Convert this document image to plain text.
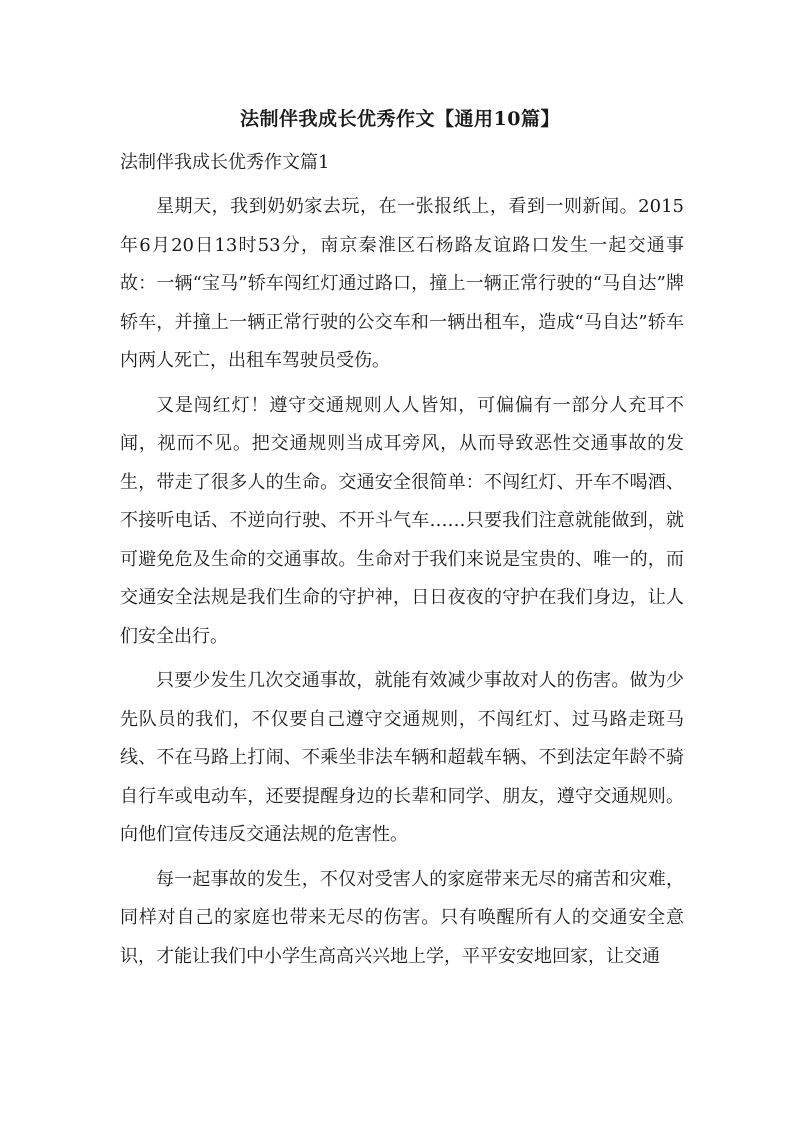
法制伴我成长优秀作文【通用10篇】

法制伴我成长优秀作文篇1

星期天，我到奶奶家去玩，在一张报纸上，看到一则新闻。2015年6月20日13时53分，南京秦淮区石杨路友谊路口发生一起交通事故：一辆“宝马”轿车闯红灯通过路口，撞上一辆正常行驶的“马自达”牌轿车，并撞上一辆正常行驶的公交车和一辆出租车，造成“马自达”轿车内两人死亡，出租车驾驶员受伤。

又是闯红灯！遵守交通规则人人皆知，可偏偏有一部分人充耳不闻，视而不见。把交通规则当成耳旁风，从而导致恶性交通事故的发生，带走了很多人的生命。交通安全很简单：不闯红灯、开车不喝酒、不接听电话、不逆向行驶、不开斗气车……只要我们注意就能做到，就可避免危及生命的交通事故。生命对于我们来说是宝贵的、唯一的，而交通安全法规是我们生命的守护神，日日夜夜的守护在我们身边，让人们安全出行。

只要少发生几次交通事故，就能有效减少事故对人的伤害。做为少先队员的我们，不仅要自己遵守交通规则，不闯红灯、过马路走斑马线、不在马路上打闹、不乘坐非法车辆和超载车辆、不到法定年龄不骑自行车或电动车，还要提醒身边的长辈和同学、朋友，遵守交通规则。向他们宣传违反交通法规的危害性。

每一起事故的发生，不仅对受害人的家庭带来无尽的痛苦和灾难，同样对自己的家庭也带来无尽的伤害。只有唤醒所有人的交通安全意识，才能让我们中小学生高高兴兴地上学，平平安安地回家，让交通
